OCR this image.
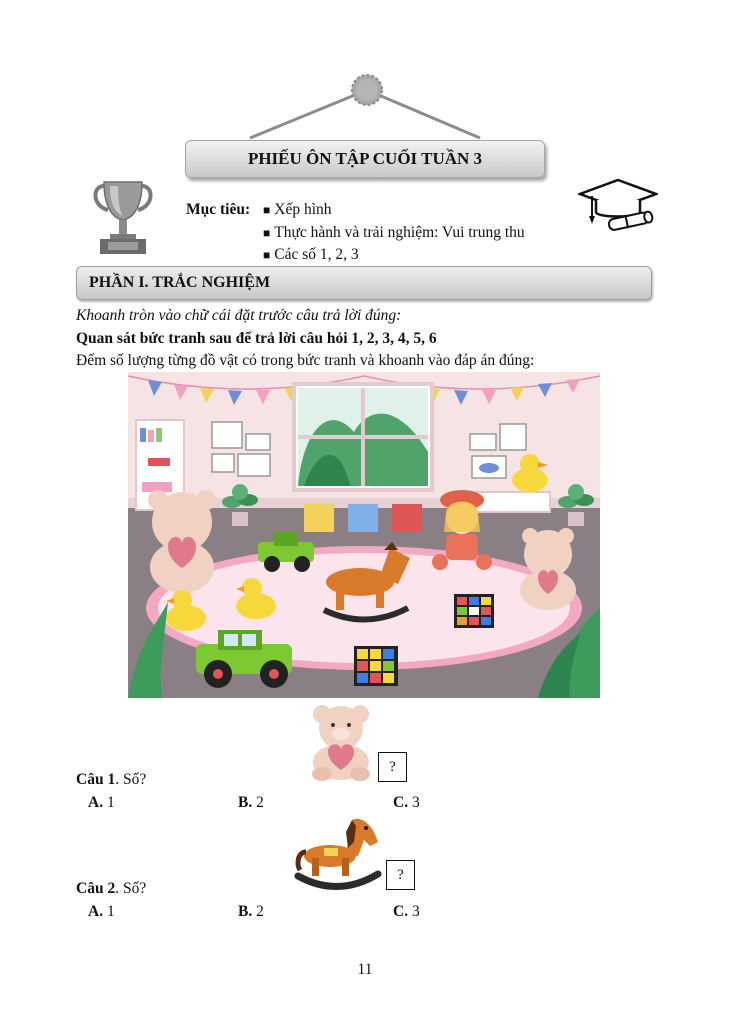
PHIẾU ÔN TẬP CUỐI TUẦN 3
Mục tiêu: ■ Xếp hình
■ Thực hành và trải nghiệm: Vui trung thu
■ Các số 1, 2, 3
PHẦN I. TRẮC NGHIỆM
Khoanh tròn vào chữ cái đặt trước câu trả lời đúng:
Quan sát bức tranh sau để trả lời câu hỏi 1, 2, 3, 4, 5, 6
Đếm số lượng từng đồ vật có trong bức tranh và khoanh vào đáp án đúng:
?
Câu 1. Số?
A. 1	B. 2	C. 3
?
Câu 2. Số?
A. 1	B. 2	C. 3
11
